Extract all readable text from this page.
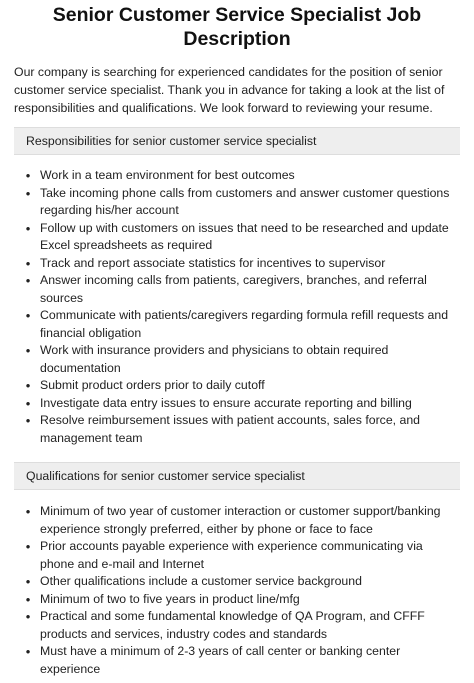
Senior Customer Service Specialist Job Description

Our company is searching for experienced candidates for the position of senior customer service specialist. Thank you in advance for taking a look at the list of responsibilities and qualifications. We look forward to reviewing your resume.

Responsibilities for senior customer service specialist
• Work in a team environment for best outcomes
• Take incoming phone calls from customers and answer customer questions regarding his/her account
• Follow up with customers on issues that need to be researched and update Excel spreadsheets as required
• Track and report associate statistics for incentives to supervisor
• Answer incoming calls from patients, caregivers, branches, and referral sources
• Communicate with patients/caregivers regarding formula refill requests and financial obligation
• Work with insurance providers and physicians to obtain required documentation
• Submit product orders prior to daily cutoff
• Investigate data entry issues to ensure accurate reporting and billing
• Resolve reimbursement issues with patient accounts, sales force, and management team
Qualifications for senior customer service specialist
• Minimum of two year of customer interaction or customer support/banking experience strongly preferred, either by phone or face to face
• Prior accounts payable experience with experience communicating via phone and e-mail and Internet
• Other qualifications include a customer service background
• Minimum of two to five years in product line/mfg
• Practical and some fundamental knowledge of QA Program, and CFFF products and services, industry codes and standards
• Must have a minimum of 2-3 years of call center or banking center experience
